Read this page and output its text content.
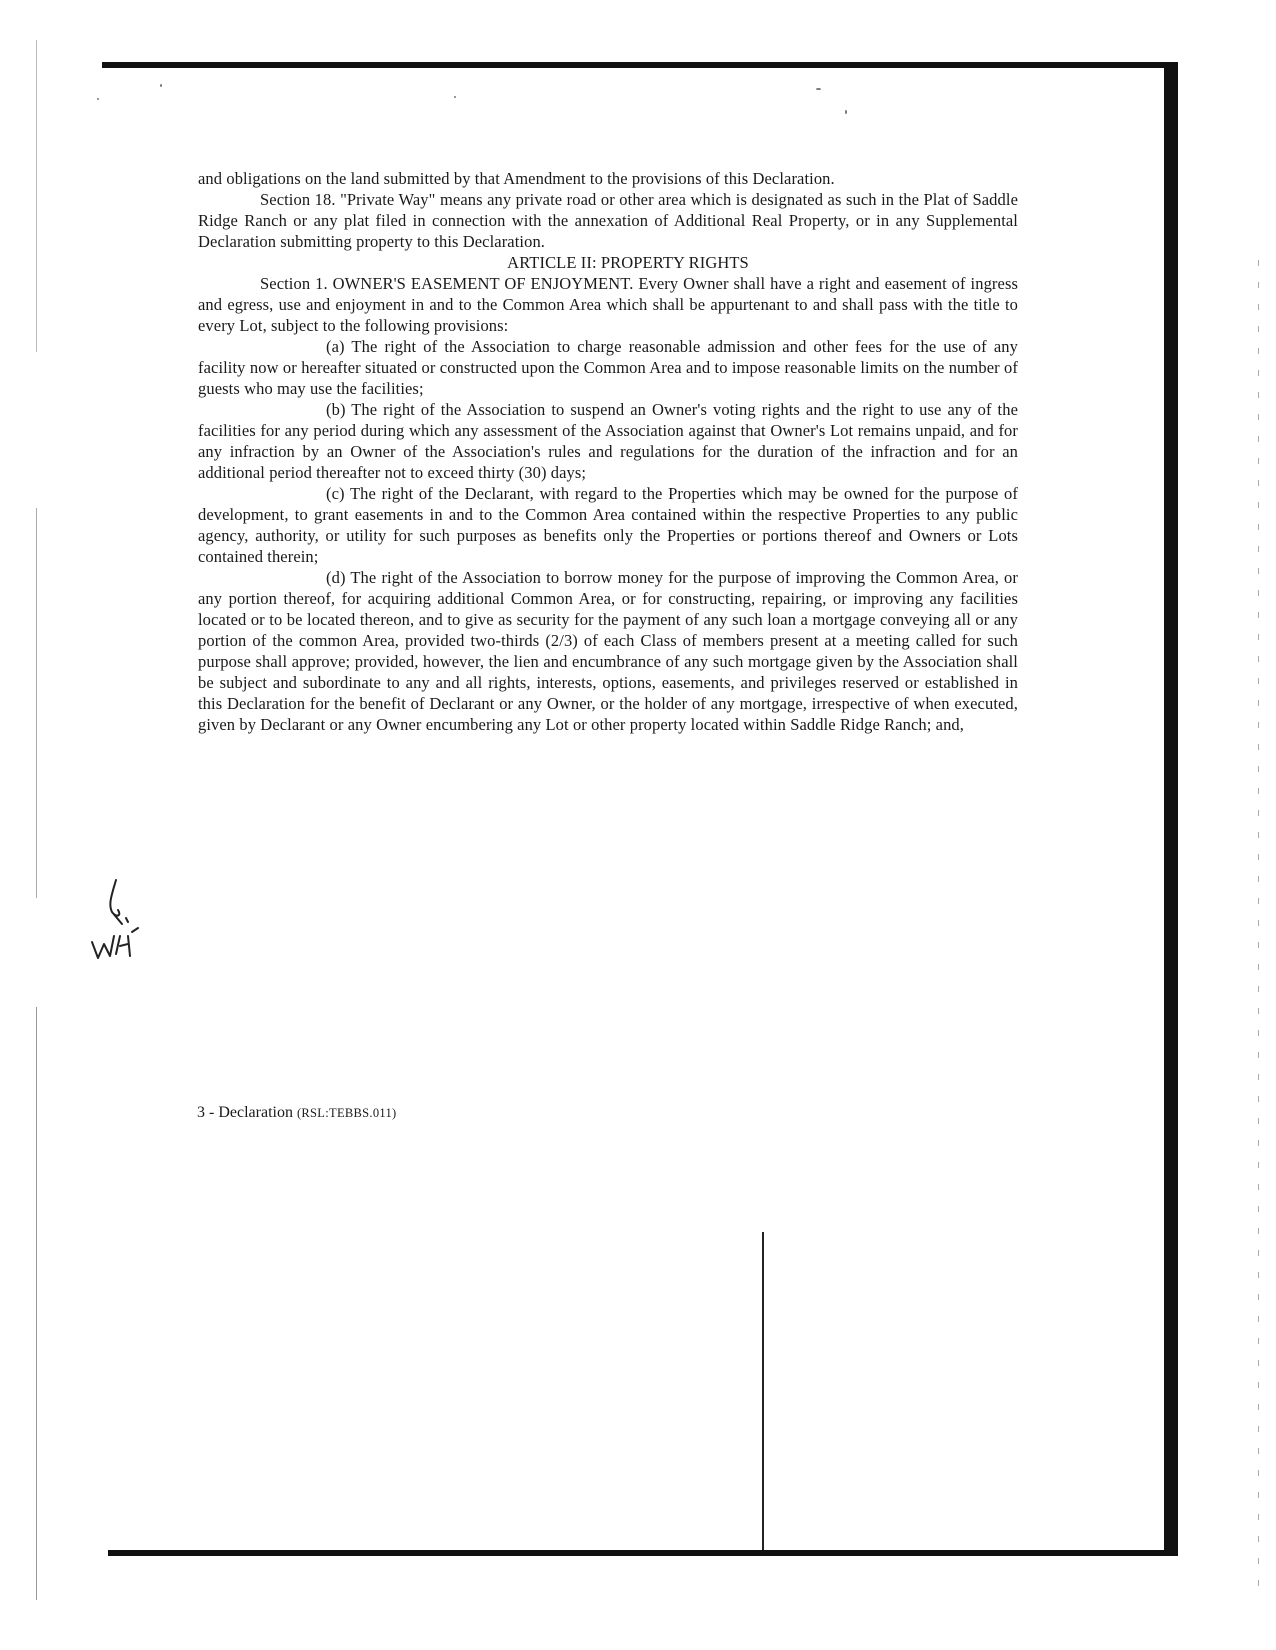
and obligations on the land submitted by that Amendment to the provisions of this Declaration.

Section 18. "Private Way" means any private road or other area which is designated as such in the Plat of Saddle Ridge Ranch or any plat filed in connection with the annexation of Additional Real Property, or in any Supplemental Declaration submitting property to this Declaration.

ARTICLE II: PROPERTY RIGHTS

Section 1. OWNER'S EASEMENT OF ENJOYMENT. Every Owner shall have a right and easement of ingress and egress, use and enjoyment in and to the Common Area which shall be appurtenant to and shall pass with the title to every Lot, subject to the following provisions:

(a) The right of the Association to charge reasonable admission and other fees for the use of any facility now or hereafter situated or constructed upon the Common Area and to impose reasonable limits on the number of guests who may use the facilities;

(b) The right of the Association to suspend an Owner's voting rights and the right to use any of the facilities for any period during which any assessment of the Association against that Owner's Lot remains unpaid, and for any infraction by an Owner of the Association's rules and regulations for the duration of the infraction and for an additional period thereafter not to exceed thirty (30) days;

(c) The right of the Declarant, with regard to the Properties which may be owned for the purpose of development, to grant easements in and to the Common Area contained within the respective Properties to any public agency, authority, or utility for such purposes as benefits only the Properties or portions thereof and Owners or Lots contained therein;

(d) The right of the Association to borrow money for the purpose of improving the Common Area, or any portion thereof, for acquiring additional Common Area, or for constructing, repairing, or improving any facilities located or to be located thereon, and to give as security for the payment of any such loan a mortgage conveying all or any portion of the common Area, provided two-thirds (2/3) of each Class of members present at a meeting called for such purpose shall approve; provided, however, the lien and encumbrance of any such mortgage given by the Association shall be subject and subordinate to any and all rights, interests, options, easements, and privileges reserved or established in this Declaration for the benefit of Declarant or any Owner, or the holder of any mortgage, irrespective of when executed, given by Declarant or any Owner encumbering any Lot or other property located within Saddle Ridge Ranch; and,

3 - Declaration (RSL:TEBBS.011)
